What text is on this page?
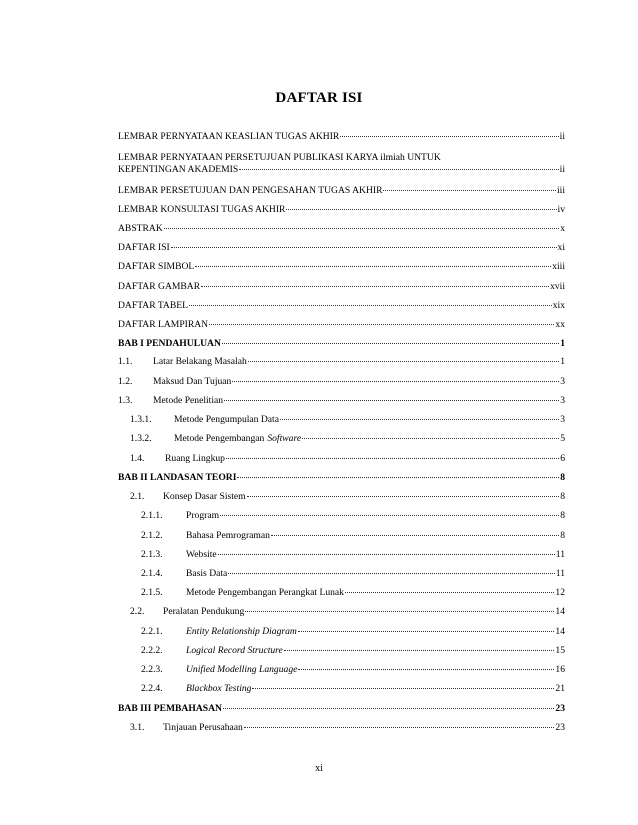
DAFTAR ISI
LEMBAR PERNYATAAN KEASLIAN TUGAS AKHIR	ii
LEMBAR PERNYATAAN PERSETUJUAN PUBLIKASI KARYA ilmiah UNTUK
KEPENTINGAN AKADEMIS	ii
LEMBAR PERSETUJUAN DAN PENGESAHAN TUGAS AKHIR	iii
LEMBAR KONSULTASI TUGAS AKHIR	iv
ABSTRAK	x
DAFTAR ISI	xi
DAFTAR SIMBOL	xiii
DAFTAR GAMBAR	xvii
DAFTAR TABEL	xix
DAFTAR LAMPIRAN	xx
BAB I PENDAHULUAN	1
1.1.	Latar Belakang Masalah	1
1.2.	Maksud Dan Tujuan	3
1.3.	Metode Penelitian	3
1.3.1.	Metode Pengumpulan Data	3
1.3.2.	Metode Pengembangan Software	5
1.4.	Ruang Lingkup	6
BAB II LANDASAN TEORI	8
2.1.	Konsep Dasar Sistem	8
2.1.1.	Program	8
2.1.2.	Bahasa Pemrograman	8
2.1.3.	Website	11
2.1.4.	Basis Data	11
2.1.5.	Metode Pengembangan Perangkat Lunak	12
2.2.	Peralatan Pendukung	14
2.2.1.	Entity Relationship Diagram	14
2.2.2.	Logical Record Structure	15
2.2.3.	Unified Modelling Language	16
2.2.4.	Blackbox Testing	21
BAB III PEMBAHASAN	23
3.1.	Tinjauan Perusahaan	23
xi
